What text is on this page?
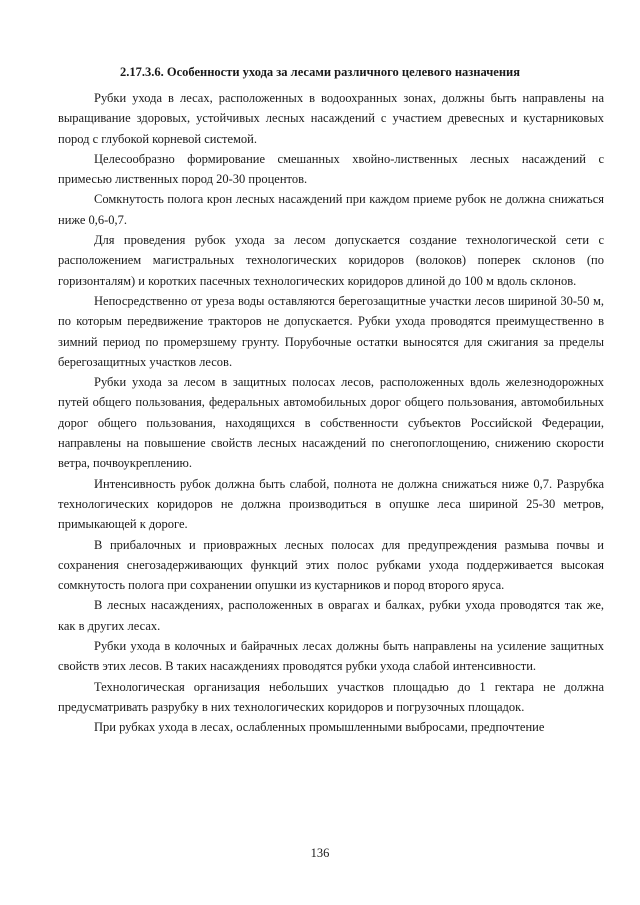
2.17.3.6. Особенности ухода за лесами различного целевого назначения

Рубки ухода в лесах, расположенных в водоохранных зонах, должны быть направлены на выращивание здоровых, устойчивых лесных насаждений с участием древесных и кустарниковых пород с глубокой корневой системой.

Целесообразно формирование смешанных хвойно-лиственных лесных насаждений с примесью лиственных пород 20-30 процентов.

Сомкнутость полога крон лесных насаждений при каждом приеме рубок не должна снижаться ниже 0,6-0,7.

Для проведения рубок ухода за лесом допускается создание технологической сети с расположением магистральных технологических коридоров (волоков) поперек склонов (по горизонталям) и коротких пасечных технологических коридоров длиной до 100 м вдоль склонов.

Непосредственно от уреза воды оставляются берегозащитные участки лесов шириной 30-50 м, по которым передвижение тракторов не допускается. Рубки ухода проводятся преимущественно в зимний период по промерзшему грунту. Порубочные остатки выносятся для сжигания за пределы берегозащитных участков лесов.

Рубки ухода за лесом в защитных полосах лесов, расположенных вдоль железнодорожных путей общего пользования, федеральных автомобильных дорог общего пользования, автомобильных дорог общего пользования, находящихся в собственности субъектов Российской Федерации, направлены на повышение свойств лесных насаждений по снегопоглощению, снижению скорости ветра, почвоукреплению.

Интенсивность рубок должна быть слабой, полнота не должна снижаться ниже 0,7. Разрубка технологических коридоров не должна производиться в опушке леса шириной 25-30 метров, примыкающей к дороге.

В прибалочных и приовражных лесных полосах для предупреждения размыва почвы и сохранения снегозадерживающих функций этих полос рубками ухода поддерживается высокая сомкнутость полога при сохранении опушки из кустарников и пород второго яруса.

В лесных насаждениях, расположенных в оврагах и балках, рубки ухода проводятся так же, как в других лесах.

Рубки ухода в колочных и байрачных лесах должны быть направлены на усиление защитных свойств этих лесов. В таких насаждениях проводятся рубки ухода слабой интенсивности.

Технологическая организация небольших участков площадью до 1 гектара не должна предусматривать разрубку в них технологических коридоров и погрузочных площадок.

При рубках ухода в лесах, ослабленных промышленными выбросами, предпочтение

136
